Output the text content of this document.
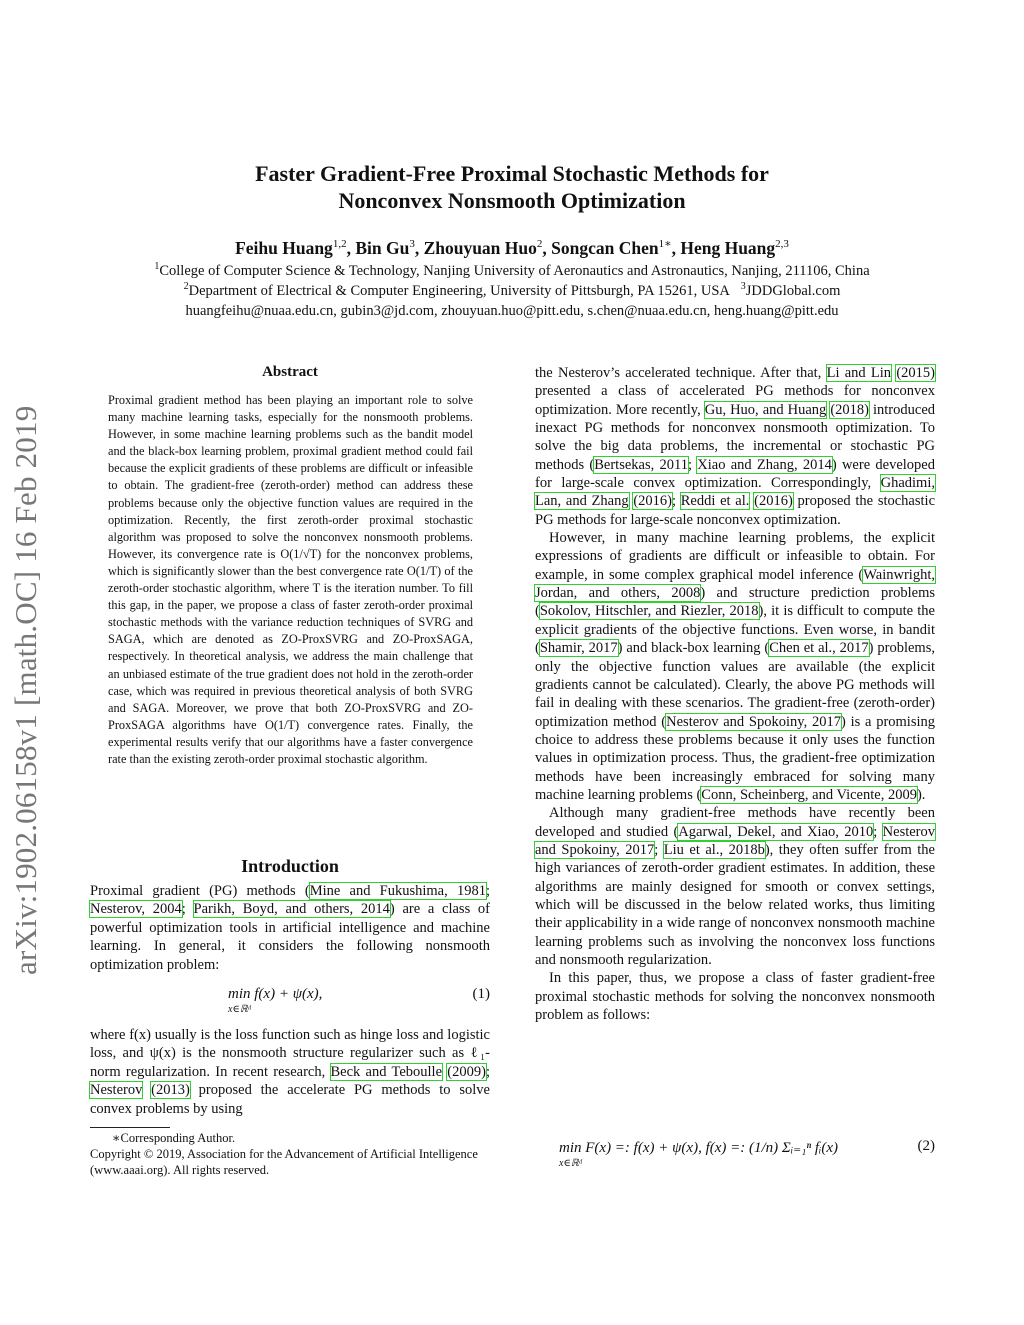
arXiv:1902.06158v1 [math.OC] 16 Feb 2019
Faster Gradient-Free Proximal Stochastic Methods for
Nonconvex Nonsmooth Optimization
Feihu Huang$^{1,2}$, Bin Gu$^3$, Zhouyuan Huo$^2$, Songcan Chen$^{1∗}$, Heng Huang$^{2,3}$
$^1$College of Computer Science & Technology, Nanjing University of Aeronautics and Astronautics, Nanjing, 211106, China
$^2$Department of Electrical & Computer Engineering, University of Pittsburgh, PA 15261, USA $^3$JDDGlobal.com
huangfeihu@nuaa.edu.cn, gubin3@jd.com, zhouyuan.huo@pitt.edu, s.chen@nuaa.edu.cn, heng.huang@pitt.edu
Abstract

Proximal gradient method has been playing an important role to solve many machine learning tasks, especially for the nonsmooth problems. However, in some machine learning problems such as the bandit model and the black-box learning problem, proximal gradient method could fail because the explicit gradients of these problems are difficult or infeasible to obtain. The gradient-free (zeroth-order) method can address these problems because only the objective function values are required in the optimization. Recently, the first zeroth-order proximal stochastic algorithm was proposed to solve the nonconvex nonsmooth problems. However, its convergence rate is O(1/√T) for the nonconvex problems, which is significantly slower than the best convergence rate O(1/T) of the zeroth-order stochastic algorithm, where T is the iteration number. To fill this gap, in the paper, we propose a class of faster zeroth-order proximal stochastic methods with the variance reduction techniques of SVRG and SAGA, which are denoted as ZO-ProxSVRG and ZO-ProxSAGA, respectively. In theoretical analysis, we address the main challenge that an unbiased estimate of the true gradient does not hold in the zeroth-order case, which was required in previous theoretical analysis of both SVRG and SAGA. Moreover, we prove that both ZO-ProxSVRG and ZO-ProxSAGA algorithms have O(1/T) convergence rates. Finally, the experimental results verify that our algorithms have a faster convergence rate than the existing zeroth-order proximal stochastic algorithm.

Introduction

Proximal gradient (PG) methods (Mine and Fukushima, 1981; Nesterov, 2004; Parikh, Boyd, and others, 2014) are a class of powerful optimization tools in artificial intelligence and machine learning. In general, it considers the following nonsmooth optimization problem:

min f(x) + ψ(x),
x∈ℝᵈ
(1)

where f(x) usually is the loss function such as hinge loss and logistic loss, and ψ(x) is the nonsmooth structure regularizer such as ℓ₁-norm regularization. In recent research, Beck and Teboulle (2009); Nesterov (2013) proposed the accelerate PG methods to solve convex problems by using

∗Corresponding Author.

Copyright © 2019, Association for the Advancement of Artificial Intelligence (www.aaai.org). All rights reserved.

the Nesterov’s accelerated technique. After that, Li and Lin (2015) presented a class of accelerated PG methods for nonconvex optimization. More recently, Gu, Huo, and Huang (2018) introduced inexact PG methods for nonconvex nonsmooth optimization. To solve the big data problems, the incremental or stochastic PG methods (Bertsekas, 2011; Xiao and Zhang, 2014) were developed for large-scale convex optimization. Correspondingly, Ghadimi, Lan, and Zhang (2016); Reddi et al. (2016) proposed the stochastic PG methods for large-scale nonconvex optimization.

However, in many machine learning problems, the explicit expressions of gradients are difficult or infeasible to obtain. For example, in some complex graphical model inference (Wainwright, Jordan, and others, 2008) and structure prediction problems (Sokolov, Hitschler, and Riezler, 2018), it is difficult to compute the explicit gradients of the objective functions. Even worse, in bandit (Shamir, 2017) and black-box learning (Chen et al., 2017) problems, only the objective function values are available (the explicit gradients cannot be calculated). Clearly, the above PG methods will fail in dealing with these scenarios. The gradient-free (zeroth-order) optimization method (Nesterov and Spokoiny, 2017) is a promising choice to address these problems because it only uses the function values in optimization process. Thus, the gradient-free optimization methods have been increasingly embraced for solving many machine learning problems (Conn, Scheinberg, and Vicente, 2009).

Although many gradient-free methods have recently been developed and studied (Agarwal, Dekel, and Xiao, 2010; Nesterov and Spokoiny, 2017; Liu et al., 2018b), they often suffer from the high variances of zeroth-order gradient estimates. In addition, these algorithms are mainly designed for smooth or convex settings, which will be discussed in the below related works, thus limiting their applicability in a wide range of nonconvex nonsmooth machine learning problems such as involving the nonconvex loss functions and nonsmooth regularization.

In this paper, thus, we propose a class of faster gradient-free proximal stochastic methods for solving the nonconvex nonsmooth problem as follows:

min F(x) =: f(x) + ψ(x), f(x) =: (1/n) Σᵢ₌₁ⁿ fᵢ(x)
x∈ℝᵈ
(2)
